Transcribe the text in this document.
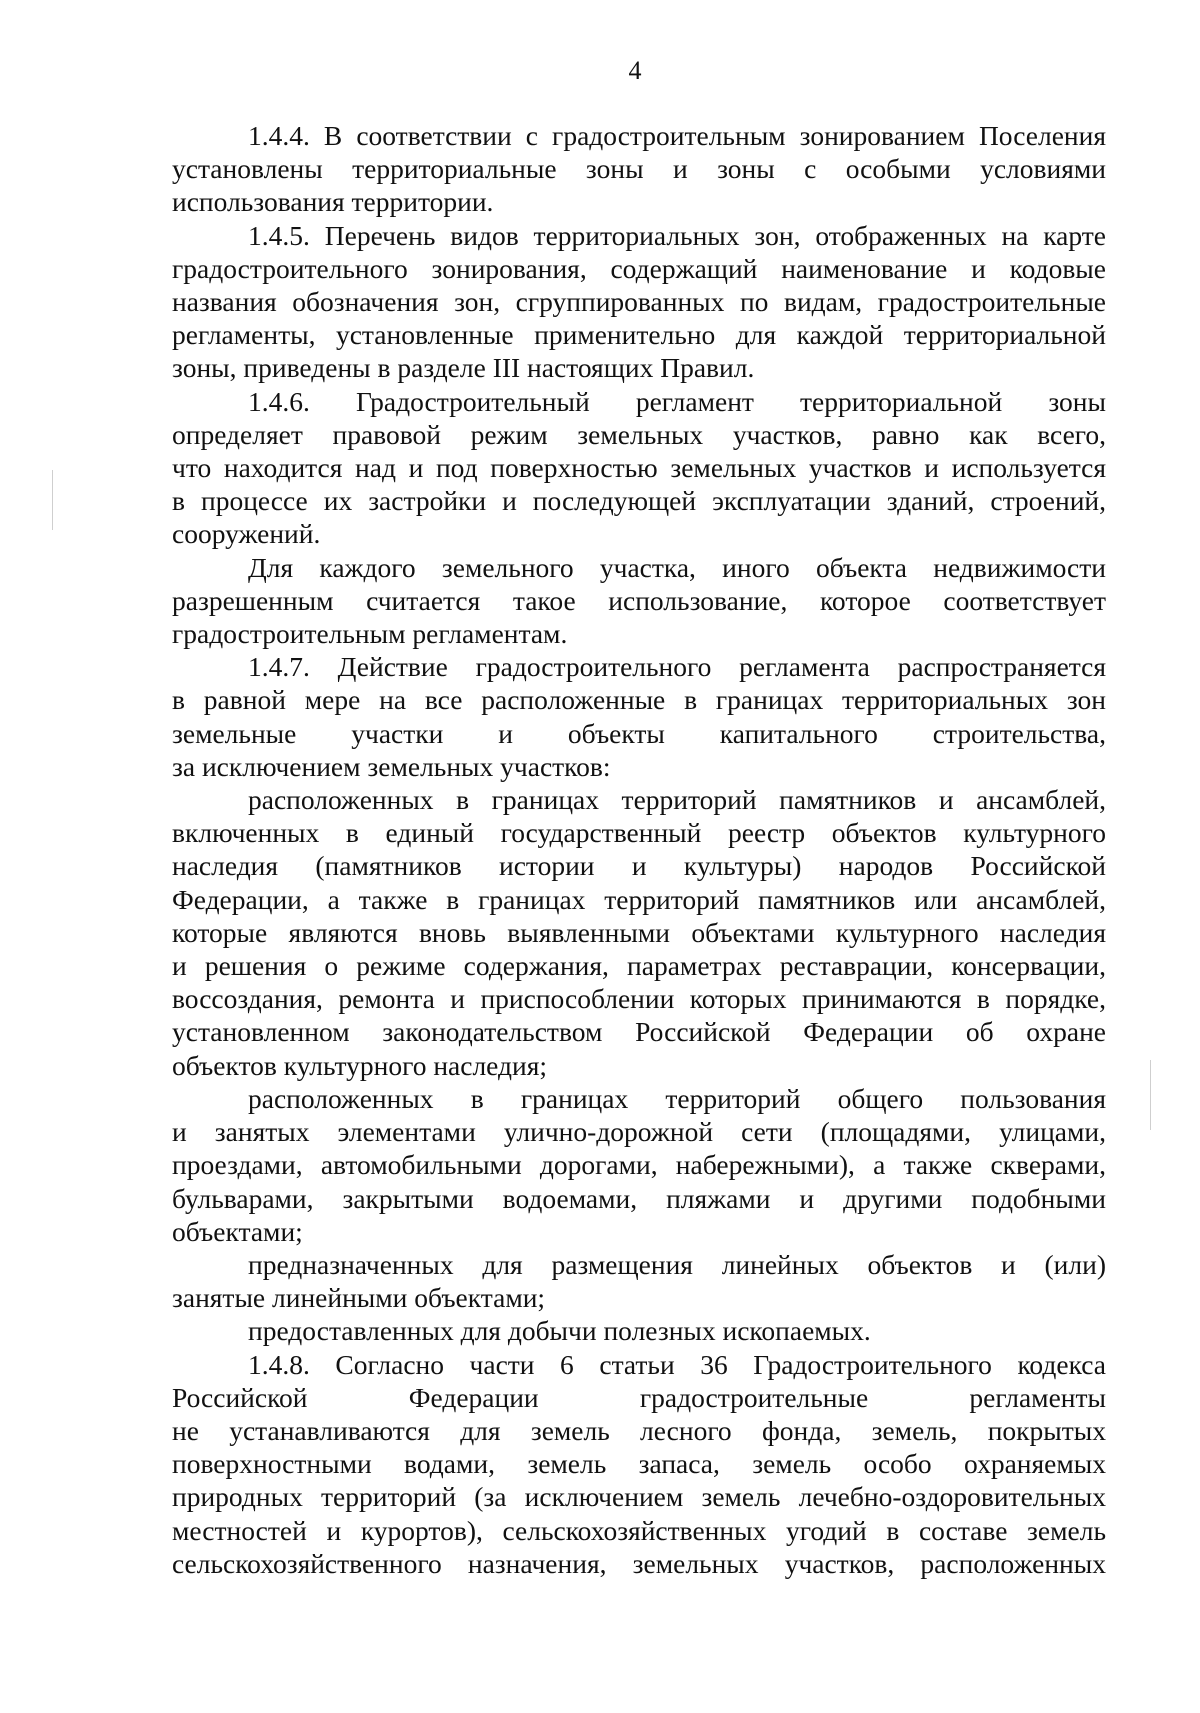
4
1.4.4. В соответствии с градостроительным зонированием Поселения
установлены территориальные зоны и зоны с особыми условиями
использования территории.
1.4.5. Перечень видов территориальных зон, отображенных на карте
градостроительного зонирования, содержащий наименование и кодовые
названия обозначения зон, сгруппированных по видам, градостроительные
регламенты, установленные применительно для каждой территориальной
зоны, приведены в разделе III настоящих Правил.
1.4.6. Градостроительный регламент территориальной зоны
определяет правовой режим земельных участков, равно как всего,
что находится над и под поверхностью земельных участков и используется
в процессе их застройки и последующей эксплуатации зданий, строений,
сооружений.
Для каждого земельного участка, иного объекта недвижимости
разрешенным считается такое использование, которое соответствует
градостроительным регламентам.
1.4.7. Действие градостроительного регламента распространяется
в равной мере на все расположенные в границах территориальных зон
земельные участки и объекты капитального строительства,
за исключением земельных участков:
расположенных в границах территорий памятников и ансамблей,
включенных в единый государственный реестр объектов культурного
наследия (памятников истории и культуры) народов Российской
Федерации, а также в границах территорий памятников или ансамблей,
которые являются вновь выявленными объектами культурного наследия
и решения о режиме содержания, параметрах реставрации, консервации,
воссоздания, ремонта и приспособлении которых принимаются в порядке,
установленном законодательством Российской Федерации об охране
объектов культурного наследия;
расположенных в границах территорий общего пользования
и занятых элементами улично-дорожной сети (площадями, улицами,
проездами, автомобильными дорогами, набережными), а также скверами,
бульварами, закрытыми водоемами, пляжами и другими подобными
объектами;
предназначенных для размещения линейных объектов и (или)
занятые линейными объектами;
предоставленных для добычи полезных ископаемых.
1.4.8. Согласно части 6 статьи 36 Градостроительного кодекса
Российской Федерации градостроительные регламенты
не устанавливаются для земель лесного фонда, земель, покрытых
поверхностными водами, земель запаса, земель особо охраняемых
природных территорий (за исключением земель лечебно-оздоровительных
местностей и курортов), сельскохозяйственных угодий в составе земель
сельскохозяйственного назначения, земельных участков, расположенных
